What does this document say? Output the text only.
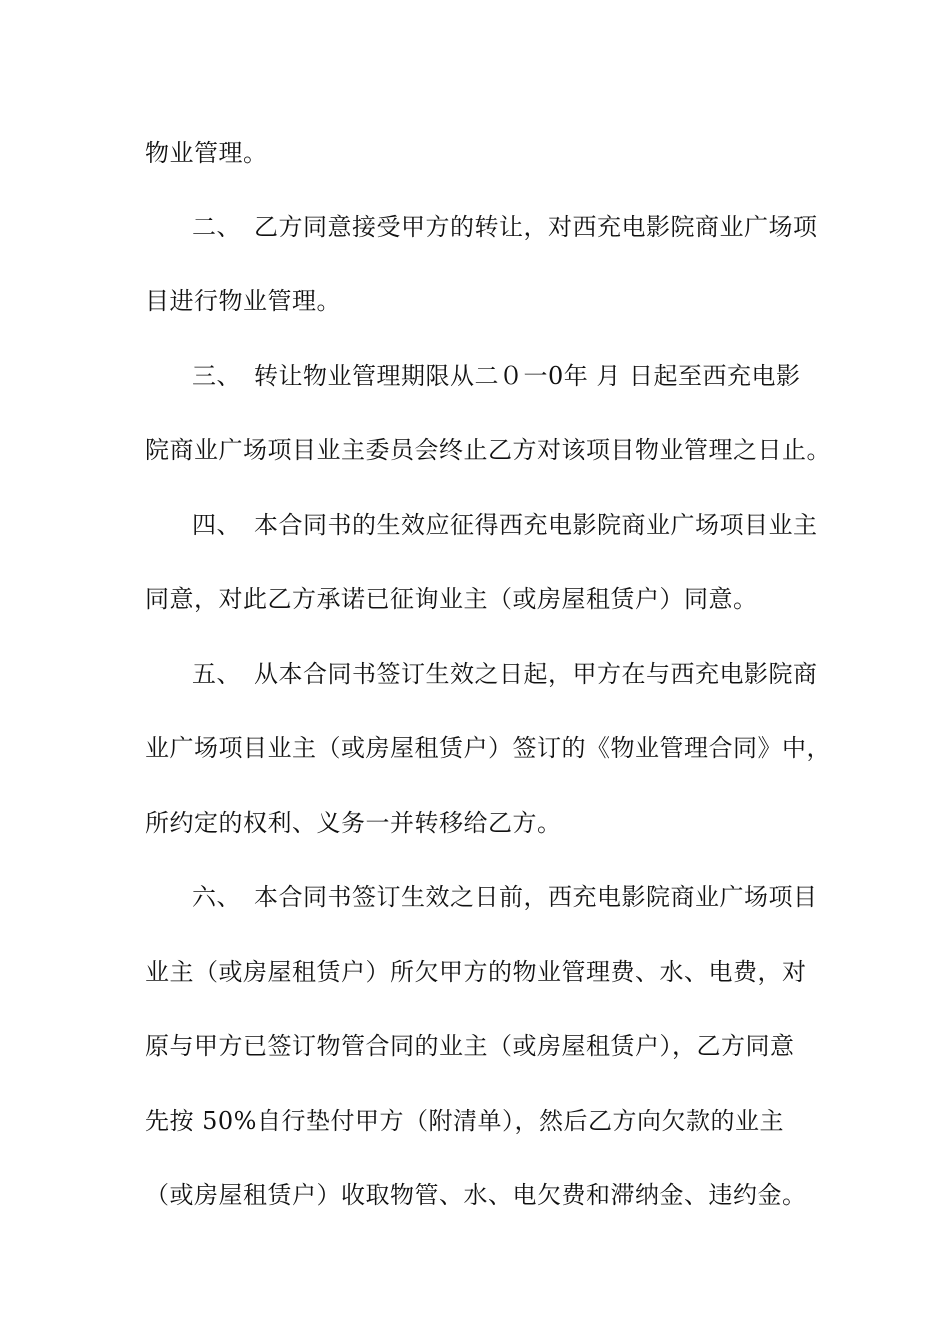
物业管理。
二、 乙方同意接受甲方的转让，对西充电影院商业广场项
目进行物业管理。
三、 转让物业管理期限从二０一0年 月 日起至西充电影
院商业广场项目业主委员会终止乙方对该项目物业管理之日止。
四、 本合同书的生效应征得西充电影院商业广场项目业主
同意，对此乙方承诺已征询业主（或房屋租赁户）同意。
五、 从本合同书签订生效之日起，甲方在与西充电影院商
业广场项目业主（或房屋租赁户）签订的《物业管理合同》中，
所约定的权利、义务一并转移给乙方。
六、 本合同书签订生效之日前，西充电影院商业广场项目
业主（或房屋租赁户）所欠甲方的物业管理费、水、电费，对
原与甲方已签订物管合同的业主（或房屋租赁户），乙方同意
先按 50%自行垫付甲方（附清单），然后乙方向欠款的业主
（或房屋租赁户）收取物管、水、电欠费和滞纳金、违约金。
